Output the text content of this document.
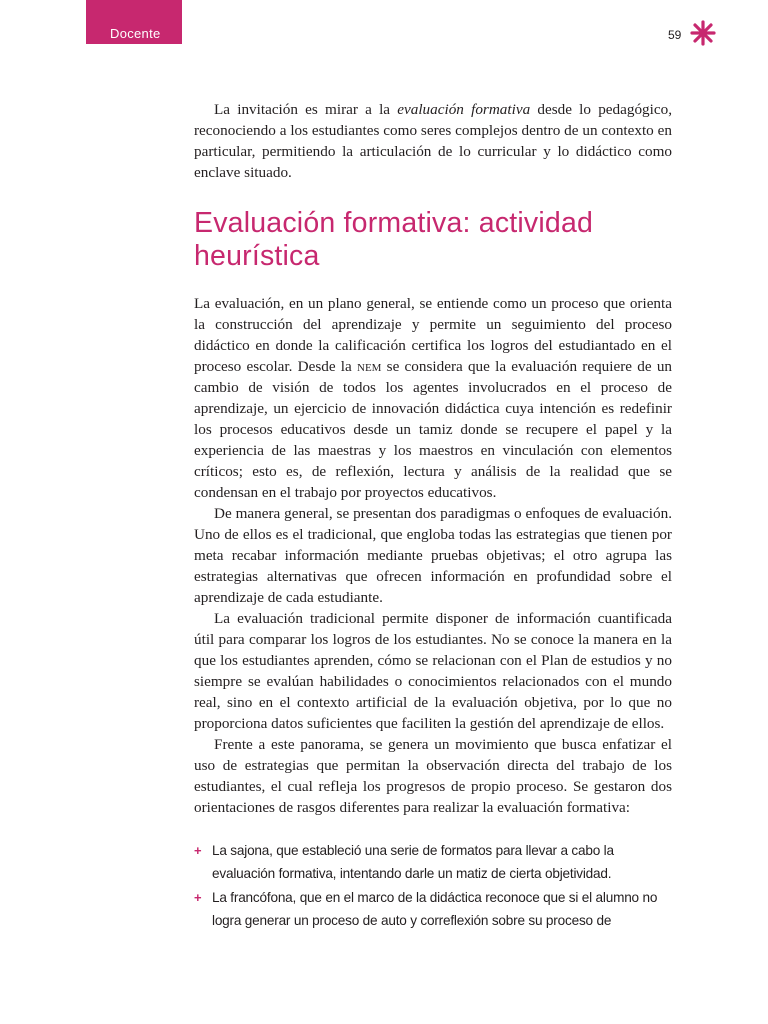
Docente	59

La invitación es mirar a la evaluación formativa desde lo pedagógico, reconociendo a los estudiantes como seres complejos dentro de un contexto en particular, permitiendo la articulación de lo curricular y lo didáctico como enclave situado.

Evaluación formativa: actividad heurística

La evaluación, en un plano general, se entiende como un proceso que orienta la construcción del aprendizaje y permite un seguimiento del proceso didáctico en donde la calificación certifica los logros del estudiantado en el proceso escolar. Desde la nem se considera que la evaluación requiere de un cambio de visión de todos los agentes involucrados en el proceso de aprendizaje, un ejercicio de innovación didáctica cuya intención es redefinir los procesos educativos desde un tamiz donde se recupere el papel y la experiencia de las maestras y los maestros en vinculación con elementos críticos; esto es, de reflexión, lectura y análisis de la realidad que se condensan en el trabajo por proyectos educativos.

De manera general, se presentan dos paradigmas o enfoques de evaluación. Uno de ellos es el tradicional, que engloba todas las estrategias que tienen por meta recabar información mediante pruebas objetivas; el otro agrupa las estrategias alternativas que ofrecen información en profundidad sobre el aprendizaje de cada estudiante.

La evaluación tradicional permite disponer de información cuantificada útil para comparar los logros de los estudiantes. No se conoce la manera en la que los estudiantes aprenden, cómo se relacionan con el Plan de estudios y no siempre se evalúan habilidades o conocimientos relacionados con el mundo real, sino en el contexto artificial de la evaluación objetiva, por lo que no proporciona datos suficientes que faciliten la gestión del aprendizaje de ellos.

Frente a este panorama, se genera un movimiento que busca enfatizar el uso de estrategias que permitan la observación directa del trabajo de los estudiantes, el cual refleja los progresos de propio proceso. Se gestaron dos orientaciones de rasgos diferentes para realizar la evaluación formativa:

+ La sajona, que estableció una serie de formatos para llevar a cabo la evaluación formativa, intentando darle un matiz de cierta objetividad.
+ La francófona, que en el marco de la didáctica reconoce que si el alumno no logra generar un proceso de auto y correflexión sobre su proceso de
